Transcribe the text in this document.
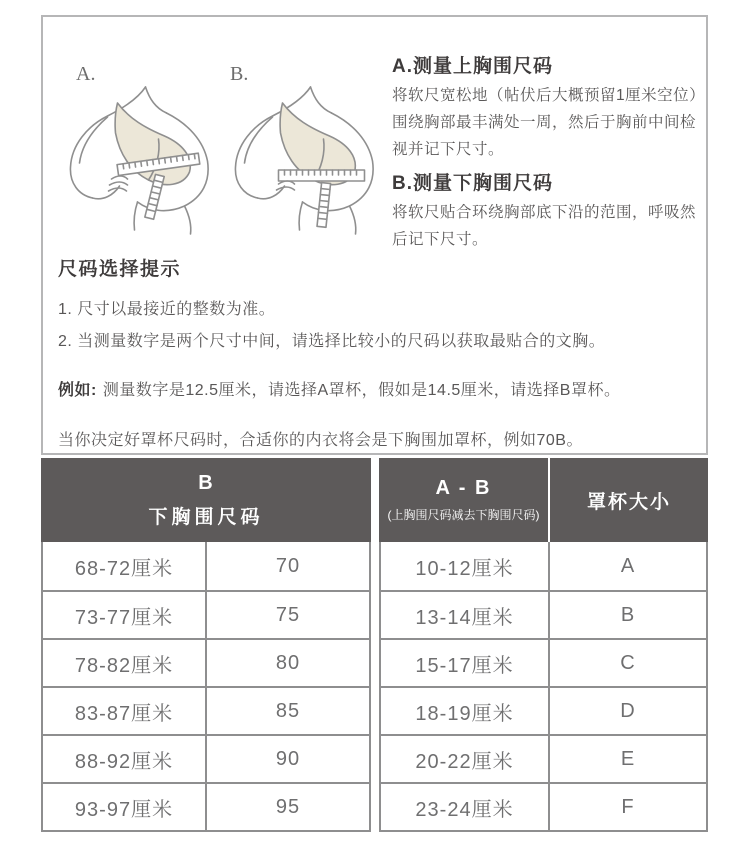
A.	B.	A.测量上胸围尺码
将软尺宽松地（帖伏后大概预留1厘米空位）围绕胸部最丰满处一周，然后于胸前中间检视并记下尺寸。
B.测量下胸围尺码
将软尺贴合环绕胸部底下沿的范围，呼吸然后记下尺寸。
尺码选择提示
1. 尺寸以最接近的整数为准。
2. 当测量数字是两个尺寸中间，请选择比较小的尺码以获取最贴合的文胸。
例如: 测量数字是12.5厘米，请选择A罩杯，假如是14.5厘米，请选择B罩杯。
当你决定好罩杯尺码时，合适你的内衣将会是下胸围加罩杯，例如70B。
B
下胸围尺码
68-72厘米	70
73-77厘米	75
78-82厘米	80
83-87厘米	85
88-92厘米	90
93-97厘米	95
A - B
(上胸围尺码减去下胸围尺码)
罩杯大小
10-12厘米	A
13-14厘米	B
15-17厘米	C
18-19厘米	D
20-22厘米	E
23-24厘米	F
